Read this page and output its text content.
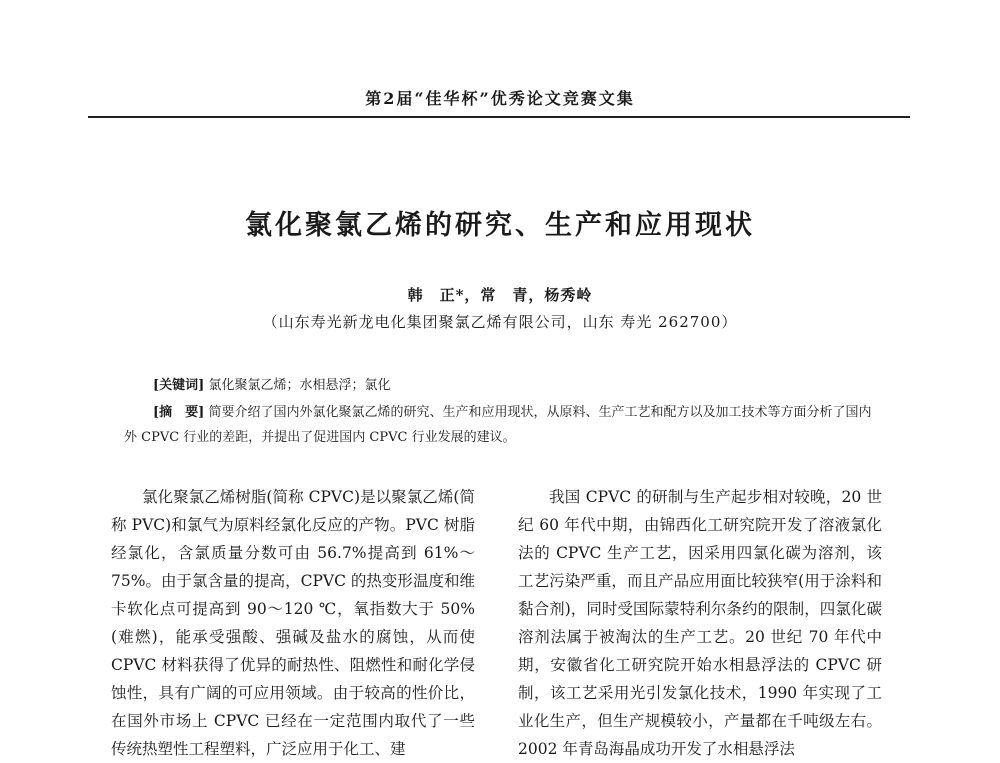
第2届“佳华杯”优秀论文竞赛文集
氯化聚氯乙烯的研究、生产和应用现状
韩　正*，常　青，杨秀岭
（山东寿光新龙电化集团聚氯乙烯有限公司，山东 寿光 262700）
[关键词] 氯化聚氯乙烯；水相悬浮；氯化

[摘　要] 简要介绍了国内外氯化聚氯乙烯的研究、生产和应用现状，从原料、生产工艺和配方以及加工技术等方面分析了国内外 CPVC 行业的差距，并提出了促进国内 CPVC 行业发展的建议。

氯化聚氯乙烯树脂(简称 CPVC)是以聚氯乙烯(简称 PVC)和氯气为原料经氯化反应的产物。PVC 树脂经氯化，含氯质量分数可由 56.7%提高到 61%～75%。由于氯含量的提高，CPVC 的热变形温度和维卡软化点可提高到 90～120 ℃，氧指数大于 50%(难燃)，能承受强酸、强碱及盐水的腐蚀，从而使 CPVC 材料获得了优异的耐热性、阻燃性和耐化学侵蚀性，具有广阔的可应用领域。由于较高的性价比，在国外市场上 CPVC 已经在一定范围内取代了一些传统热塑性工程塑料，广泛应用于化工、建

我国 CPVC 的研制与生产起步相对较晚，20 世纪 60 年代中期，由锦西化工研究院开发了溶液氯化法的 CPVC 生产工艺，因采用四氯化碳为溶剂，该工艺污染严重，而且产品应用面比较狭窄(用于涂料和黏合剂)，同时受国际蒙特利尔条约的限制，四氯化碳溶剂法属于被淘汰的生产工艺。20 世纪 70 年代中期，安徽省化工研究院开始水相悬浮法的 CPVC 研制，该工艺采用光引发氯化技术，1990 年实现了工业化生产，但生产规模较小，产量都在千吨级左右。2002 年青岛海晶成功开发了水相悬浮法
